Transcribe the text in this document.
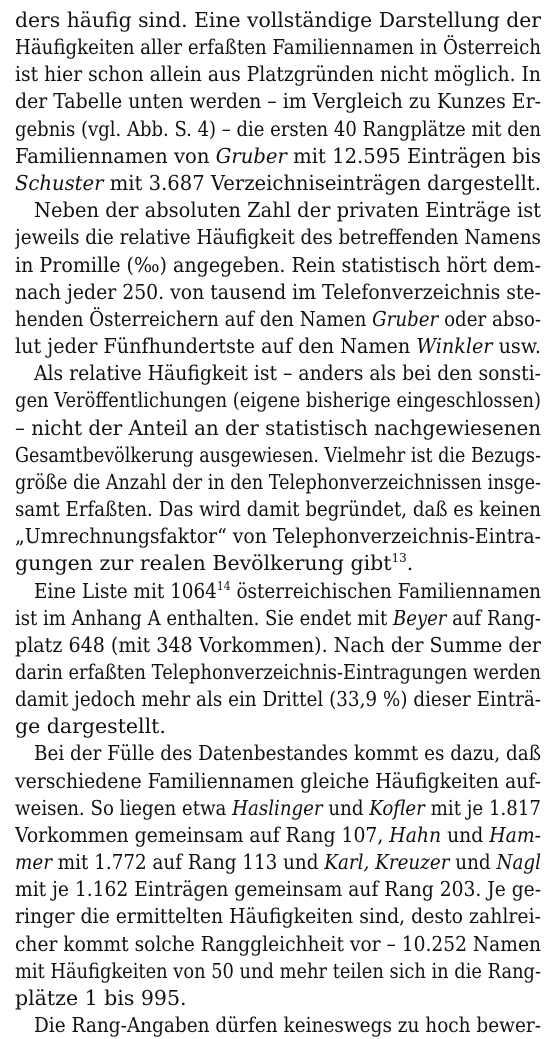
ders häufig sind. Eine vollständige Darstellung der
Häufigkeiten aller erfaßten Familiennamen in Österreich
ist hier schon allein aus Platzgründen nicht möglich. In
der Tabelle unten werden – im Vergleich zu Kunzes Er-
gebnis (vgl. Abb. S. 4) – die ersten 40 Rangplätze mit den
Familiennamen von Gruber mit 12.595 Einträgen bis
Schuster mit 3.687 Verzeichniseinträgen dargestellt.
Neben der absoluten Zahl der privaten Einträge ist
jeweils die relative Häufigkeit des betreffenden Namens
in Promille (‰) angegeben. Rein statistisch hört dem-
nach jeder 250. von tausend im Telefonverzeichnis ste-
henden Österreichern auf den Namen Gruber oder abso-
lut jeder Fünfhundertste auf den Namen Winkler usw.
Als relative Häufigkeit ist – anders als bei den sonsti-
gen Veröffentlichungen (eigene bisherige eingeschlossen)
– nicht der Anteil an der statistisch nachgewiesenen
Gesamtbevölkerung ausgewiesen. Vielmehr ist die Bezugs-
größe die Anzahl der in den Telephonverzeichnissen insge-
samt Erfaßten. Das wird damit begründet, daß es keinen
„Umrechnungsfaktor“ von Telephonverzeichnis-Eintra-
gungen zur realen Bevölkerung gibt13.
Eine Liste mit 106414 österreichischen Familiennamen
ist im Anhang A enthalten. Sie endet mit Beyer auf Rang-
platz 648 (mit 348 Vorkommen). Nach der Summe der
darin erfaßten Telephonverzeichnis-Eintragungen werden
damit jedoch mehr als ein Drittel (33,9 %) dieser Einträ-
ge dargestellt.
Bei der Fülle des Datenbestandes kommt es dazu, daß
verschiedene Familiennamen gleiche Häufigkeiten auf-
weisen. So liegen etwa Haslinger und Kofler mit je 1.817
Vorkommen gemeinsam auf Rang 107, Hahn und Ham-
mer mit 1.772 auf Rang 113 und Karl, Kreuzer und Nagl
mit je 1.162 Einträgen gemeinsam auf Rang 203. Je ge-
ringer die ermittelten Häufigkeiten sind, desto zahlrei-
cher kommt solche Ranggleichheit vor – 10.252 Namen
mit Häufigkeiten von 50 und mehr teilen sich in die Rang-
plätze 1 bis 995.
Die Rang-Angaben dürfen keineswegs zu hoch bewer-
